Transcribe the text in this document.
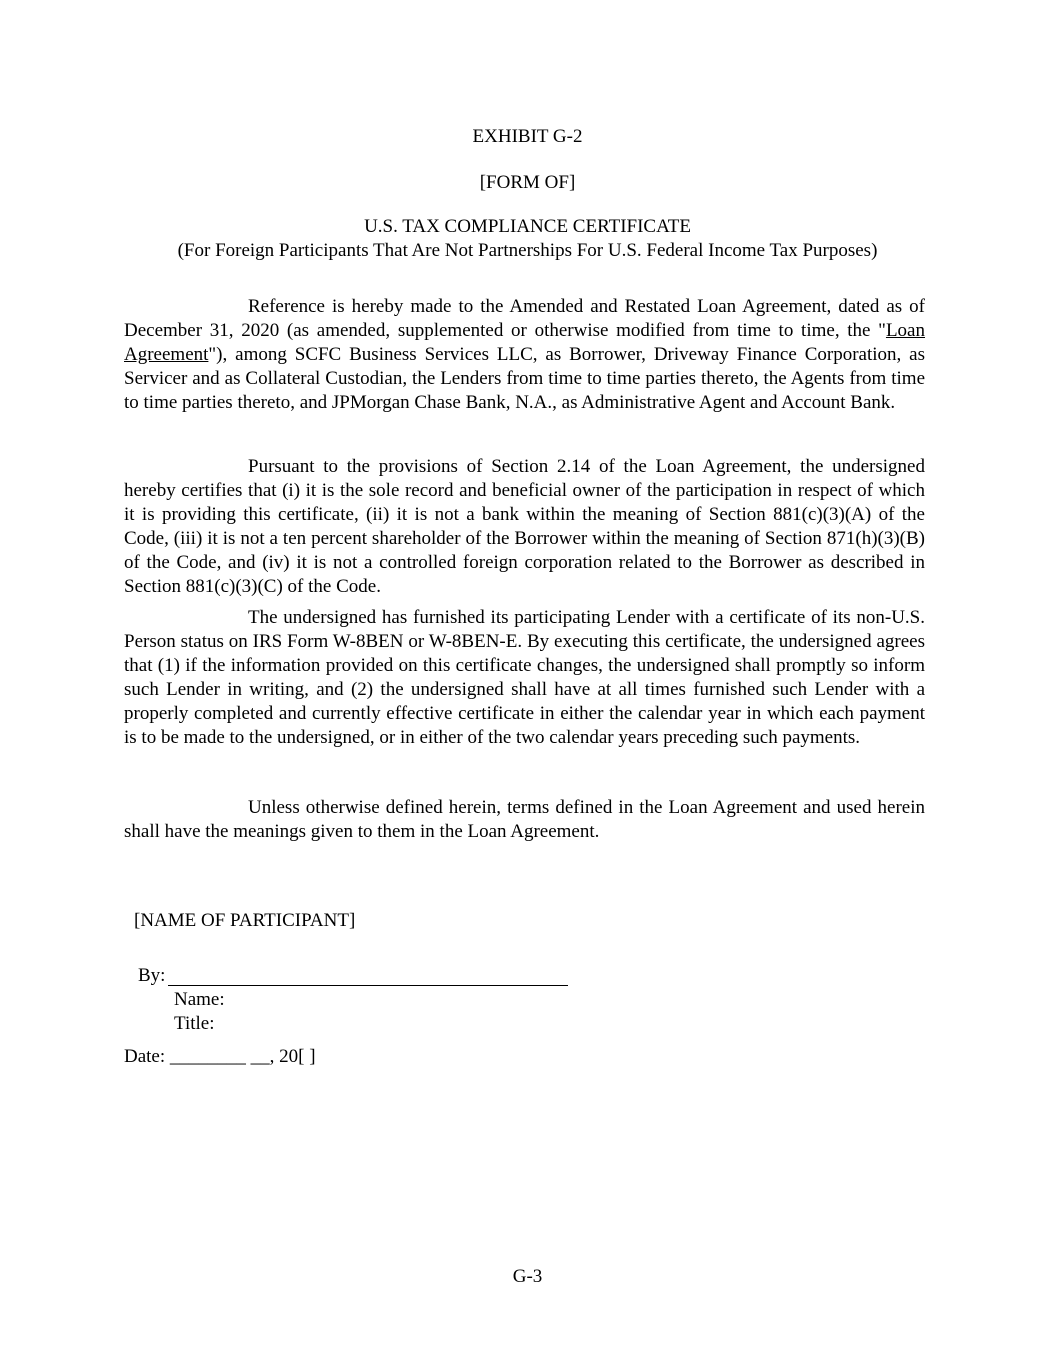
EXHIBIT G-2
[FORM OF]
U.S. TAX COMPLIANCE CERTIFICATE
(For Foreign Participants That Are Not Partnerships For U.S. Federal Income Tax Purposes)

Reference is hereby made to the Amended and Restated Loan Agreement, dated as of December 31, 2020 (as amended, supplemented or otherwise modified from time to time, the "Loan Agreement"), among SCFC Business Services LLC, as Borrower, Driveway Finance Corporation, as Servicer and as Collateral Custodian, the Lenders from time to time parties thereto, the Agents from time to time parties thereto, and JPMorgan Chase Bank, N.A., as Administrative Agent and Account Bank.

Pursuant to the provisions of Section 2.14 of the Loan Agreement, the undersigned hereby certifies that (i) it is the sole record and beneficial owner of the participation in respect of which it is providing this certificate, (ii) it is not a bank within the meaning of Section 881(c)(3)(A) of the Code, (iii) it is not a ten percent shareholder of the Borrower within the meaning of Section 871(h)(3)(B) of the Code, and (iv) it is not a controlled foreign corporation related to the Borrower as described in Section 881(c)(3)(C) of the Code.

The undersigned has furnished its participating Lender with a certificate of its non-U.S. Person status on IRS Form W-8BEN or W-8BEN-E. By executing this certificate, the undersigned agrees that (1) if the information provided on this certificate changes, the undersigned shall promptly so inform such Lender in writing, and (2) the undersigned shall have at all times furnished such Lender with a properly completed and currently effective certificate in either the calendar year in which each payment is to be made to the undersigned, or in either of the two calendar years preceding such payments.

Unless otherwise defined herein, terms defined in the Loan Agreement and used herein shall have the meanings given to them in the Loan Agreement.

[NAME OF PARTICIPANT]
By:
Name:
Title:
Date: ________ __, 20[ ]
G-3
